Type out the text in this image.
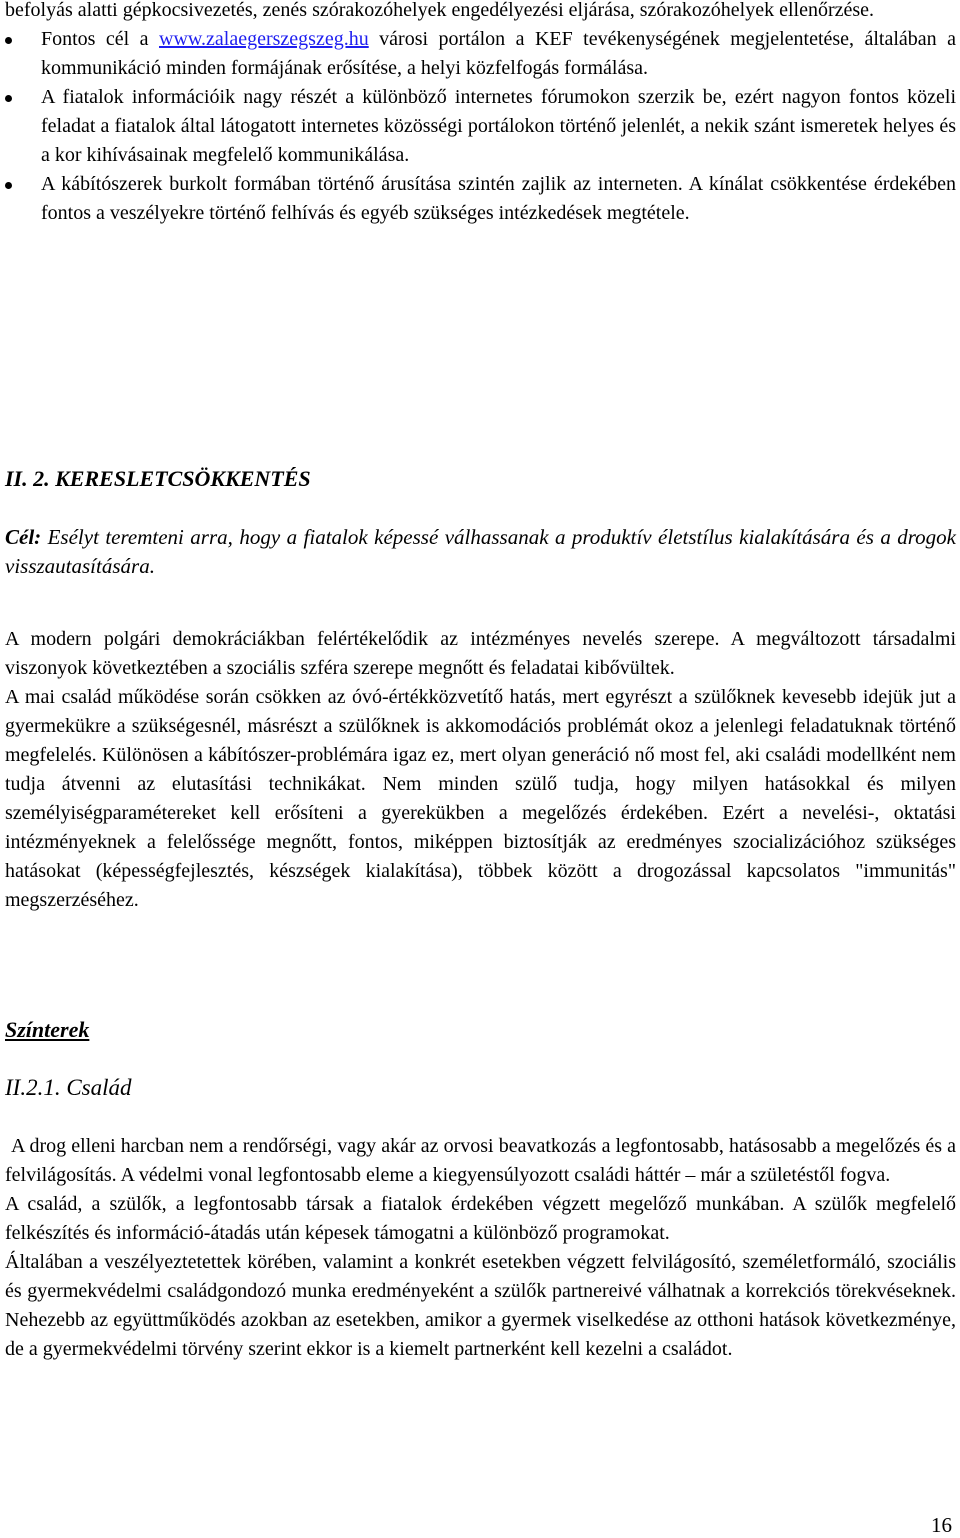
befolyás alatti gépkocsivezetés, zenés szórakozóhelyek engedélyezési eljárása, szórakozóhelyek ellenőrzése.
Fontos cél a www.zalaegerszegszeg.hu városi portálon a KEF tevékenységének megjelentetése, általában a kommunikáció minden formájának erősítése, a helyi közfelfogás formálása.
A fiatalok információik nagy részét a különböző internetes fórumokon szerzik be, ezért nagyon fontos közeli feladat a fiatalok által látogatott internetes közösségi portálokon történő jelenlét, a nekik szánt ismeretek helyes és a kor kihívásainak megfelelő kommunikálása.
A kábítószerek burkolt formában történő árusítása szintén zajlik az interneten. A kínálat csökkentése érdekében fontos a veszélyekre történő felhívás és egyéb szükséges intézkedések megtétele.
II. 2. KERESLETCSÖKKENTÉS
Cél: Esélyt teremteni arra, hogy a fiatalok képessé válhassanak a produktív életstílus kialakítására és a drogok visszautasítására.

A modern polgári demokráciákban felértékelődik az intézményes nevelés szerepe. A megváltozott társadalmi viszonyok következtében a szociális szféra szerepe megnőtt és feladatai kibővültek.

A mai család működése során csökken az óvó-értékközvetítő hatás, mert egyrészt a szülőknek kevesebb idejük jut a gyermekükre a szükségesnél, másrészt a szülőknek is akkomodációs problémát okoz a jelenlegi feladatuknak történő megfelelés. Különösen a kábítószer-problémára igaz ez, mert olyan generáció nő most fel, aki családi modellként nem tudja átvenni az elutasítási technikákat. Nem minden szülő tudja, hogy milyen hatásokkal és milyen személyiségparamétereket kell erősíteni a gyerekükben a megelőzés érdekében. Ezért a nevelési-, oktatási intézményeknek a felelőssége megnőtt, fontos, miképpen biztosítják az eredményes szocializációhoz szükséges hatásokat (képességfejlesztés, készségek kialakítása), többek között a drogozással kapcsolatos "immunitás" megszerzéséhez.

Színterek
II.2.1. Család

A drog elleni harcban nem a rendőrségi, vagy akár az orvosi beavatkozás a legfontosabb, hatásosabb a megelőzés és a felvilágosítás. A védelmi vonal legfontosabb eleme a kiegyensúlyozott családi háttér – már a születéstől fogva.

A család, a szülők, a legfontosabb társak a fiatalok érdekében végzett megelőző munkában. A szülők megfelelő felkészítés és információ-átadás után képesek támogatni a különböző programokat.

Általában a veszélyeztetettek körében, valamint a konkrét esetekben végzett felvilágosító, személetformáló, szociális és gyermekvédelmi családgondozó munka eredményeként a szülők partnereivé válhatnak a korrekciós törekvéseknek. Nehezebb az együttműködés azokban az esetekben, amikor a gyermek viselkedése az otthoni hatások következménye, de a gyermekvédelmi törvény szerint ekkor is a kiemelt partnerként kell kezelni a családot.

16
